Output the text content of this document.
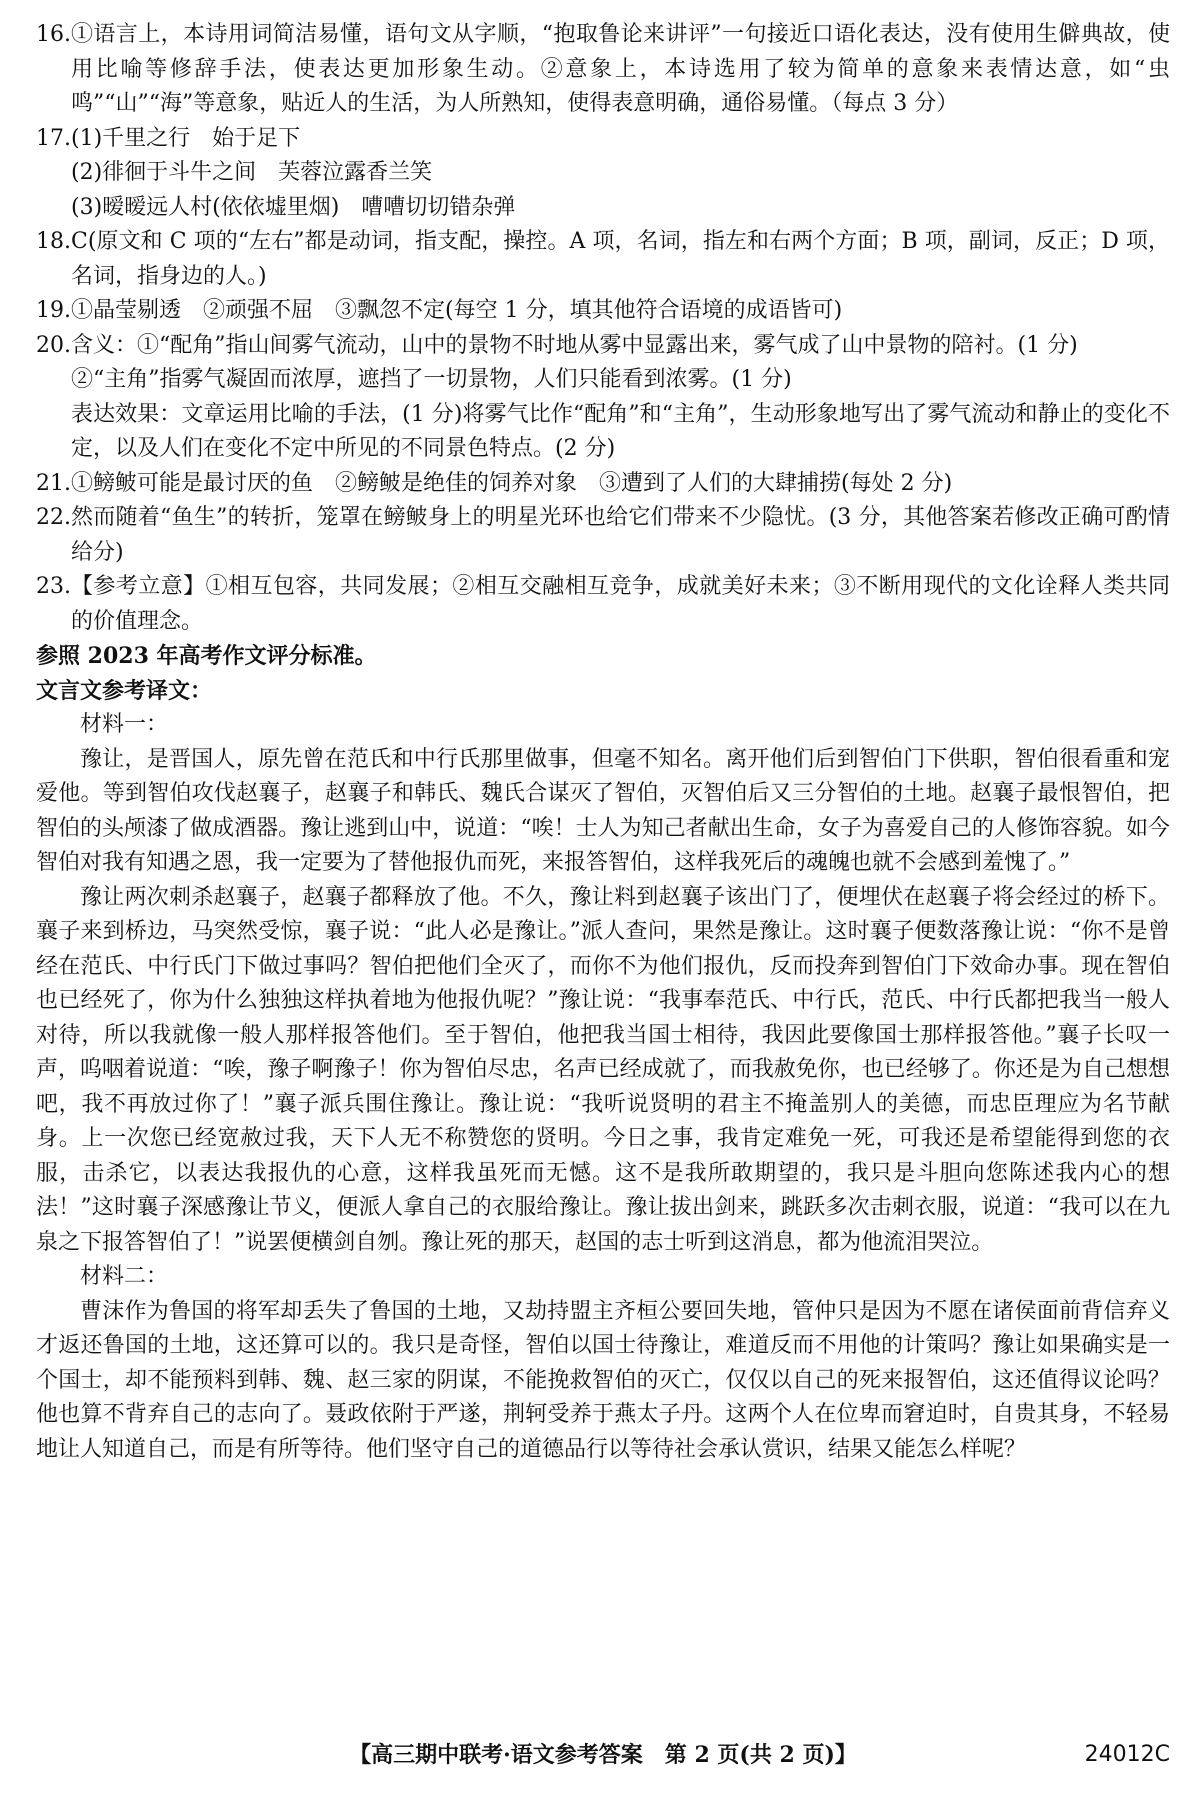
16. ①语言上，本诗用词简洁易懂，语句文从字顺，“抱取鲁论来讲评”一句接近口语化表达，没有使用生僻典故，使用比喻等修辞手法，使表达更加形象生动。②意象上，本诗选用了较为简单的意象来表情达意，如“虫鸣”“山”“海”等意象，贴近人的生活，为人所熟知，使得表意明确，通俗易懂。（每点 3 分）
17. (1)千里之行　始于足下
(2)徘徊于斗牛之间　芙蓉泣露香兰笑
(3)暧暧远人村(依依墟里烟)　嘈嘈切切错杂弹
18. C(原文和 C 项的“左右”都是动词，指支配，操控。A 项，名词，指左和右两个方面；B 项，副词，反正；D 项，名词，指身边的人。)
19. ①晶莹剔透　②顽强不屈　③飘忽不定(每空 1 分，填其他符合语境的成语皆可)
20. 含义：①“配角”指山间雾气流动，山中的景物不时地从雾中显露出来，雾气成了山中景物的陪衬。(1 分)
②“主角”指雾气凝固而浓厚，遮挡了一切景物，人们只能看到浓雾。(1 分)
表达效果：文章运用比喻的手法，(1 分)将雾气比作“配角”和“主角”，生动形象地写出了雾气流动和静止的变化不定，以及人们在变化不定中所见的不同景色特点。(2 分)
21. ①鳑鲏可能是最讨厌的鱼　②鳑鲏是绝佳的饲养对象　③遭到了人们的大肆捕捞(每处 2 分)
22. 然而随着“鱼生”的转折，笼罩在鳑鲏身上的明星光环也给它们带来不少隐忧。(3 分，其他答案若修改正确可酌情给分)
23. 【参考立意】①相互包容，共同发展；②相互交融相互竞争，成就美好未来；③不断用现代的文化诠释人类共同的价值理念。

参照 2023 年高考作文评分标准。

文言文参考译文：

材料一：

豫让，是晋国人，原先曾在范氏和中行氏那里做事，但毫不知名。离开他们后到智伯门下供职，智伯很看重和宠爱他。等到智伯攻伐赵襄子，赵襄子和韩氏、魏氏合谋灭了智伯，灭智伯后又三分智伯的土地。赵襄子最恨智伯，把智伯的头颅漆了做成酒器。豫让逃到山中，说道：“唉！士人为知己者献出生命，女子为喜爱自己的人修饰容貌。如今智伯对我有知遇之恩，我一定要为了替他报仇而死，来报答智伯，这样我死后的魂魄也就不会感到羞愧了。”

豫让两次刺杀赵襄子，赵襄子都释放了他。不久，豫让料到赵襄子该出门了，便埋伏在赵襄子将会经过的桥下。襄子来到桥边，马突然受惊，襄子说：“此人必是豫让。”派人查问，果然是豫让。这时襄子便数落豫让说：“你不是曾经在范氏、中行氏门下做过事吗？智伯把他们全灭了，而你不为他们报仇，反而投奔到智伯门下效命办事。现在智伯也已经死了，你为什么独独这样执着地为他报仇呢？”豫让说：“我事奉范氏、中行氏，范氏、中行氏都把我当一般人对待，所以我就像一般人那样报答他们。至于智伯，他把我当国士相待，我因此要像国士那样报答他。”襄子长叹一声，呜咽着说道：“唉，豫子啊豫子！你为智伯尽忠，名声已经成就了，而我赦免你，也已经够了。你还是为自己想想吧，我不再放过你了！”襄子派兵围住豫让。豫让说：“我听说贤明的君主不掩盖别人的美德，而忠臣理应为名节献身。上一次您已经宽赦过我，天下人无不称赞您的贤明。今日之事，我肯定难免一死，可我还是希望能得到您的衣服，击杀它，以表达我报仇的心意，这样我虽死而无憾。这不是我所敢期望的，我只是斗胆向您陈述我内心的想法！”这时襄子深感豫让节义，便派人拿自己的衣服给豫让。豫让拔出剑来，跳跃多次击刺衣服，说道：“我可以在九泉之下报答智伯了！”说罢便横剑自刎。豫让死的那天，赵国的志士听到这消息，都为他流泪哭泣。

材料二：

曹沫作为鲁国的将军却丢失了鲁国的土地，又劫持盟主齐桓公要回失地，管仲只是因为不愿在诸侯面前背信弃义才返还鲁国的土地，这还算可以的。我只是奇怪，智伯以国士待豫让，难道反而不用他的计策吗？豫让如果确实是一个国士，却不能预料到韩、魏、赵三家的阴谋，不能挽救智伯的灭亡，仅仅以自己的死来报智伯，这还值得议论吗？他也算不背弃自己的志向了。聂政依附于严遂，荆轲受养于燕太子丹。这两个人在位卑而窘迫时，自贵其身，不轻易地让人知道自己，而是有所等待。他们坚守自己的道德品行以等待社会承认赏识，结果又能怎么样呢？

【高三期中联考·语文参考答案　第 2 页(共 2 页)】	24012C
